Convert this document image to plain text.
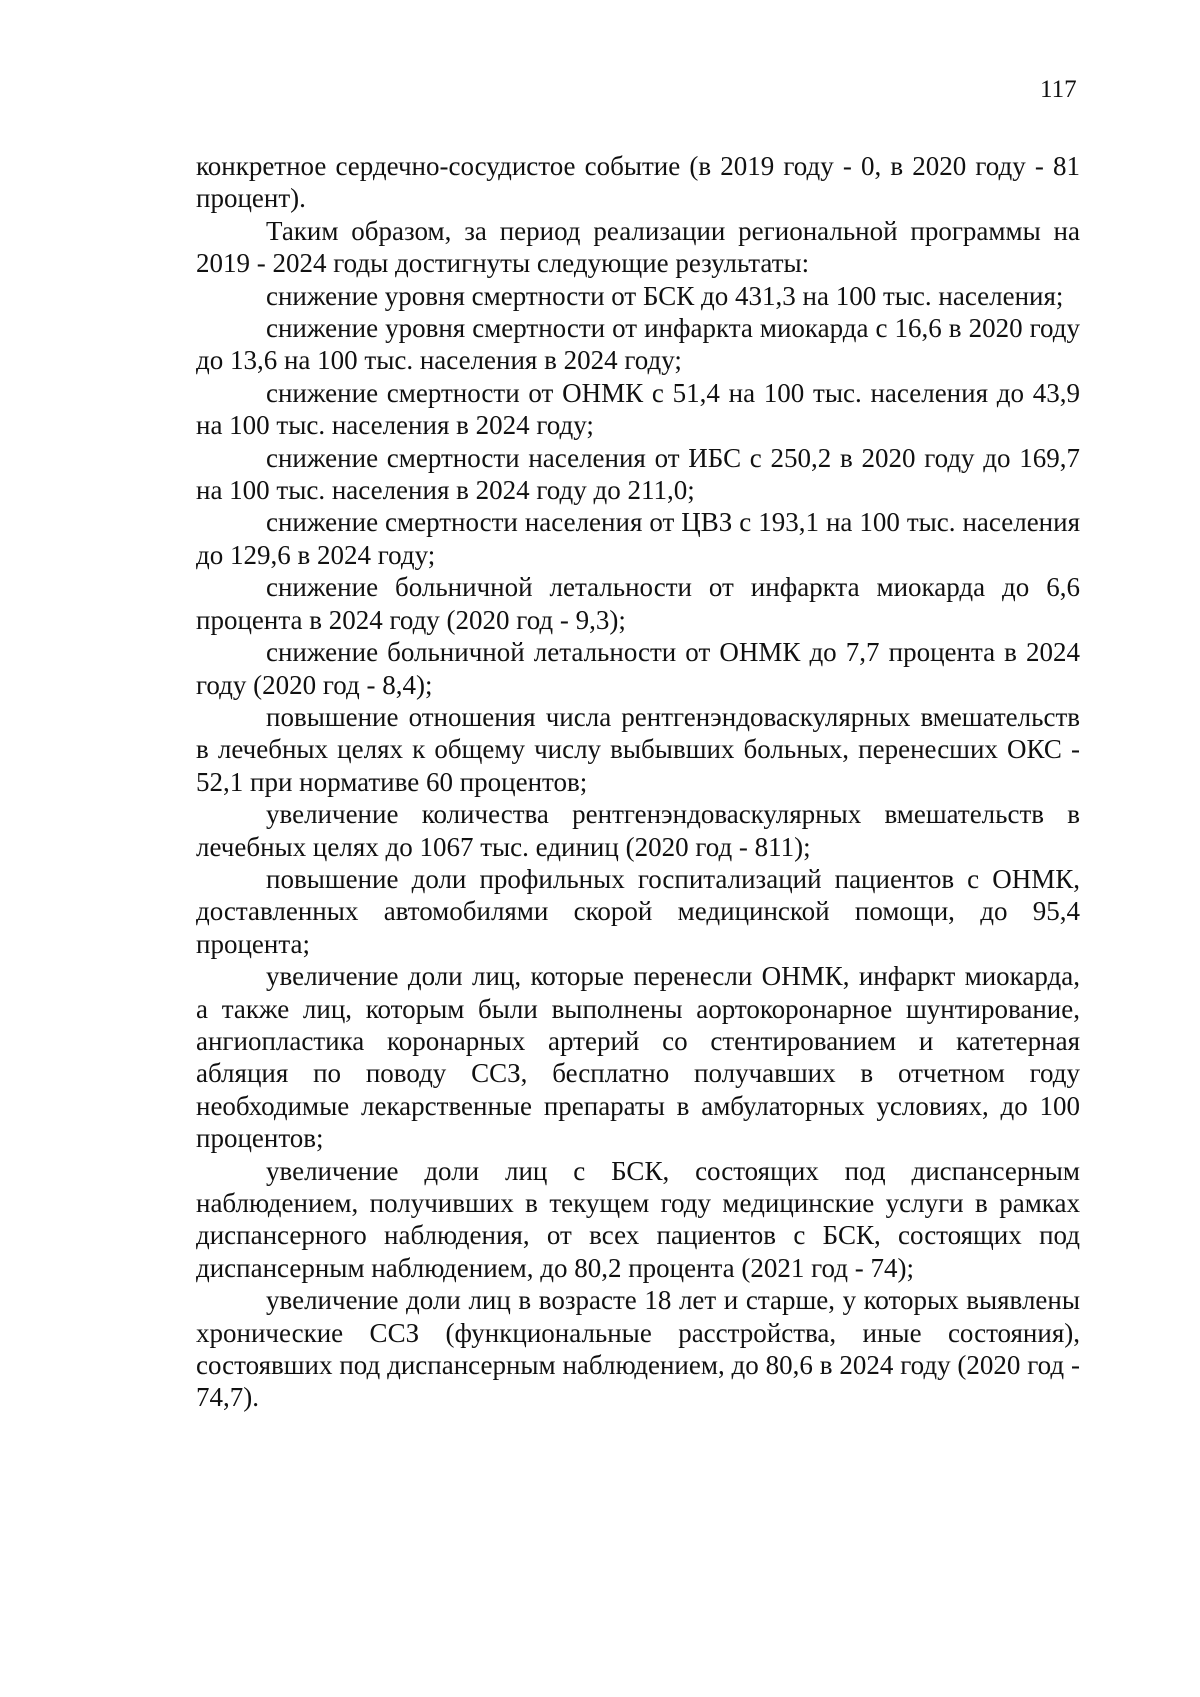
117

конкретное сердечно-сосудистое событие (в 2019 году - 0, в 2020 году - 81 процент).

Таким образом, за период реализации региональной программы на 2019 - 2024 годы достигнуты следующие результаты:

снижение уровня смертности от БСК до 431,3 на 100 тыс. населения;

снижение уровня смертности от инфаркта миокарда с 16,6 в 2020 году до 13,6 на 100 тыс. населения в 2024 году;

снижение смертности от ОНМК с 51,4 на 100 тыс. населения до 43,9 на 100 тыс. населения в 2024 году;

снижение смертности населения от ИБС с 250,2 в 2020 году до 169,7 на 100 тыс. населения в 2024 году до 211,0;

снижение смертности населения от ЦВЗ с 193,1 на 100 тыс. населения до 129,6 в 2024 году;

снижение больничной летальности от инфаркта миокарда до 6,6 процента в 2024 году (2020 год - 9,3);

снижение больничной летальности от ОНМК до 7,7 процента в 2024 году (2020 год - 8,4);

повышение отношения числа рентгенэндоваскулярных вмешательств в лечебных целях к общему числу выбывших больных, перенесших ОКС - 52,1 при нормативе 60 процентов;

увеличение количества рентгенэндоваскулярных вмешательств в лечебных целях до 1067 тыс. единиц (2020 год - 811);

повышение доли профильных госпитализаций пациентов с ОНМК, доставленных автомобилями скорой медицинской помощи, до 95,4 процента;

увеличение доли лиц, которые перенесли ОНМК, инфаркт миокарда, а также лиц, которым были выполнены аортокоронарное шунтирование, ангиопластика коронарных артерий со стентированием и катетерная абляция по поводу ССЗ, бесплатно получавших в отчетном году необходимые лекарственные препараты в амбулаторных условиях, до 100 процентов;

увеличение доли лиц с БСК, состоящих под диспансерным наблюдением, получивших в текущем году медицинские услуги в рамках диспансерного наблюдения, от всех пациентов с БСК, состоящих под диспансерным наблюдением, до 80,2 процента (2021 год - 74);

увеличение доли лиц в возрасте 18 лет и старше, у которых выявлены хронические ССЗ (функциональные расстройства, иные состояния), состоявших под диспансерным наблюдением, до 80,6 в 2024 году (2020 год - 74,7).
